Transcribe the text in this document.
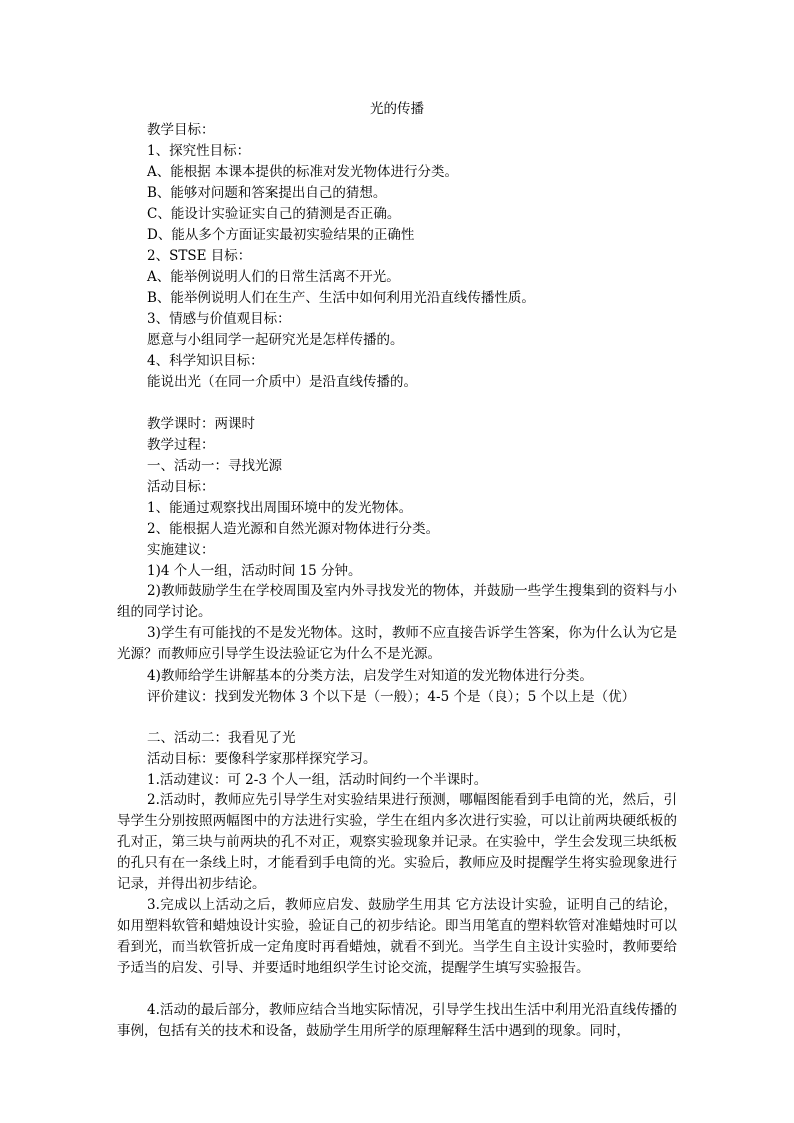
光的传播
教学目标：
1、探究性目标：
A、能根据 本课本提供的标准对发光物体进行分类。
B、能够对问题和答案提出自己的猜想。
C、能设计实验证实自己的猜测是否正确。
D、能从多个方面证实最初实验结果的正确性
2、STSE 目标：
A、能举例说明人们的日常生活离不开光。
B、能举例说明人们在生产、生活中如何利用光沿直线传播性质。
3、情感与价值观目标：
愿意与小组同学一起研究光是怎样传播的。
4、科学知识目标：
能说出光（在同一介质中）是沿直线传播的。
教学课时：两课时
教学过程：
一、活动一：寻找光源
活动目标：
1、能通过观察找出周围环境中的发光物体。
2、能根据人造光源和自然光源对物体进行分类。
实施建议：
1)4 个人一组，活动时间 15 分钟。
2)教师鼓励学生在学校周围及室内外寻找发光的物体，并鼓励一些学生搜集到的资料与小组的同学讨论。
3)学生有可能找的不是发光物体。这时，教师不应直接告诉学生答案，你为什么认为它是光源？而教师应引导学生设法验证它为什么不是光源。
4)教师给学生讲解基本的分类方法，启发学生对知道的发光物体进行分类。
评价建议：找到发光物体 3 个以下是（一般）；4-5 个是（良）；5 个以上是（优）
二、活动二：我看见了光
活动目标：要像科学家那样探究学习。
1.活动建议：可 2-3 个人一组，活动时间约一个半课时。
2.活动时，教师应先引导学生对实验结果进行预测，哪幅图能看到手电筒的光，然后，引导学生分别按照两幅图中的方法进行实验，学生在组内多次进行实验，可以让前两块硬纸板的孔对正，第三块与前两块的孔不对正，观察实验现象并记录。在实验中，学生会发现三块纸板的孔只有在一条线上时，才能看到手电筒的光。实验后，教师应及时提醒学生将实验现象进行记录，并得出初步结论。
3.完成以上活动之后，教师应启发、鼓励学生用其 它方法设计实验，证明自己的结论，如用塑料软管和蜡烛设计实验，验证自己的初步结论。即当用笔直的塑料软管对准蜡烛时可以看到光，而当软管折成一定角度时再看蜡烛，就看不到光。当学生自主设计实验时，教师要给予适当的启发、引导、并要适时地组织学生讨论交流，提醒学生填写实验报告。
4.活动的最后部分，教师应结合当地实际情况，引导学生找出生活中利用光沿直线传播的事例，包括有关的技术和设备，鼓励学生用所学的原理解释生活中遇到的现象。同时，
